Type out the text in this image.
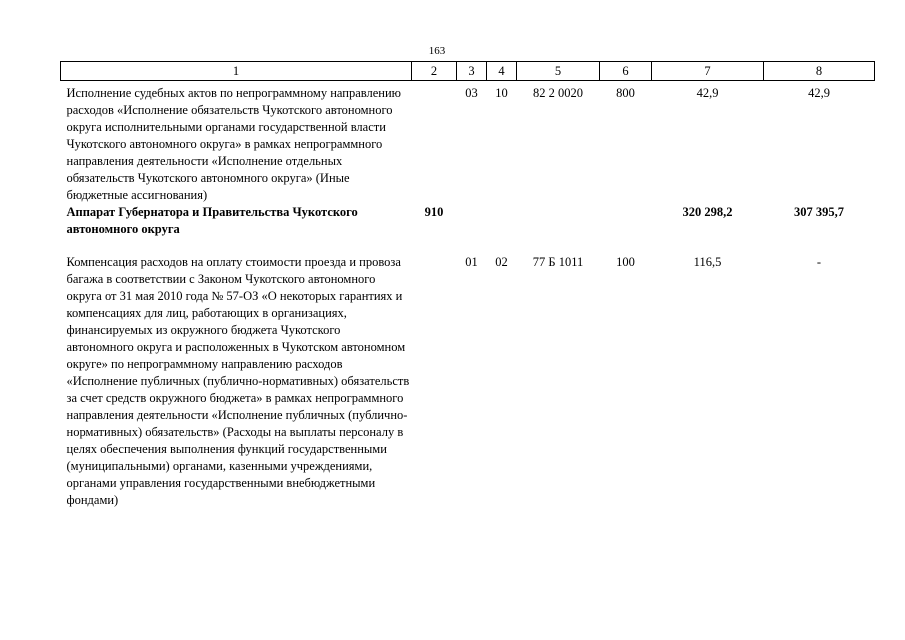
163
1	2	3	4	5	6	7	8
Исполнение судебных актов по непрограммному направлению расходов «Исполнение обязательств Чукотского автономного округа исполнительными органами государственной власти Чукотского автономного округа» в рамках непрограммного направления деятельности «Исполнение отдельных обязательств Чукотского автономного округа» (Иные бюджетные ассигнования)		03	10	82 2 0020	800	42,9	42,9
Аппарат Губернатора и Правительства Чукотского автономного округа	910					320 298,2	307 395,7
Компенсация расходов на оплату стоимости проезда и провоза багажа в соответствии с Законом Чукотского автономного округа от 31 мая 2010 года № 57-ОЗ «О некоторых гарантиях и компенсациях для лиц, работающих в организациях, финансируемых из окружного бюджета Чукотского автономного округа и расположенных в Чукотском автономном округе» по непрограммному направлению расходов «Исполнение публичных (публично-нормативных) обязательств за счет средств окружного бюджета» в рамках непрограммного направления деятельности «Исполнение публичных (публично-нормативных) обязательств» (Расходы на выплаты персоналу в целях обеспечения выполнения функций государственными (муниципальными) органами, казенными учреждениями, органами управления государственными внебюджетными фондами)		01	02	77 Б 1011	100	116,5	-
